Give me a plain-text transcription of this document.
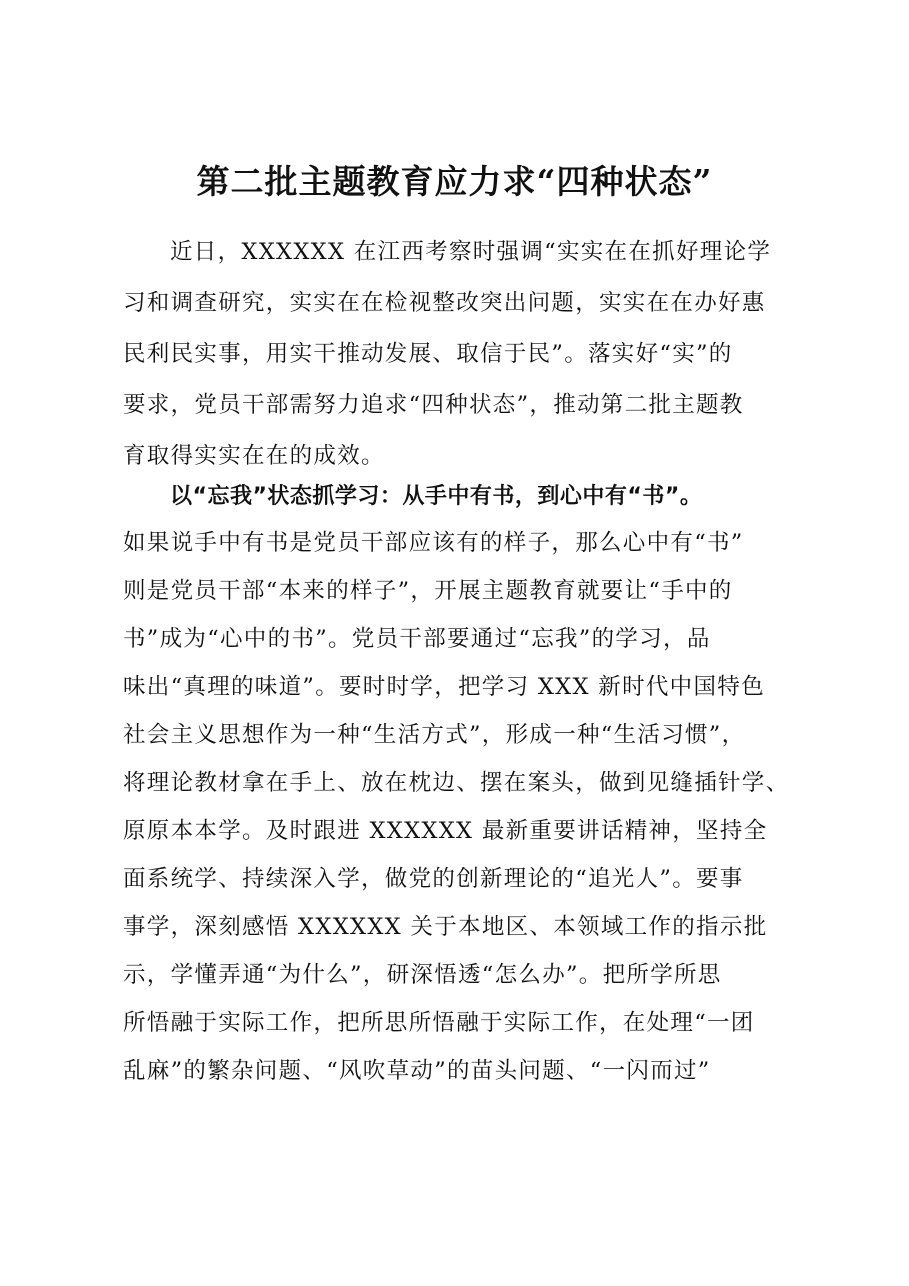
第二批主题教育应力求“四种状态”
近日，XXXXXX 在江西考察时强调“实实在在抓好理论学
习和调查研究，实实在在检视整改突出问题，实实在在办好惠
民利民实事，用实干推动发展、取信于民”。落实好“实”的
要求，党员干部需努力追求“四种状态”，推动第二批主题教
育取得实实在在的成效。
以“忘我”状态抓学习：从手中有书，到心中有“书”。
如果说手中有书是党员干部应该有的样子，那么心中有“书”
则是党员干部“本来的样子”，开展主题教育就要让“手中的
书”成为“心中的书”。党员干部要通过“忘我”的学习，品
味出“真理的味道”。要时时学，把学习 XXX 新时代中国特色
社会主义思想作为一种“生活方式”，形成一种“生活习惯”，
将理论教材拿在手上、放在枕边、摆在案头，做到见缝插针学、
原原本本学。及时跟进 XXXXXX 最新重要讲话精神，坚持全
面系统学、持续深入学，做党的创新理论的“追光人”。要事
事学，深刻感悟 XXXXXX 关于本地区、本领域工作的指示批
示，学懂弄通“为什么”，研深悟透“怎么办”。把所学所思
所悟融于实际工作，把所思所悟融于实际工作，在处理“一团
乱麻”的繁杂问题、“风吹草动”的苗头问题、“一闪而过”
